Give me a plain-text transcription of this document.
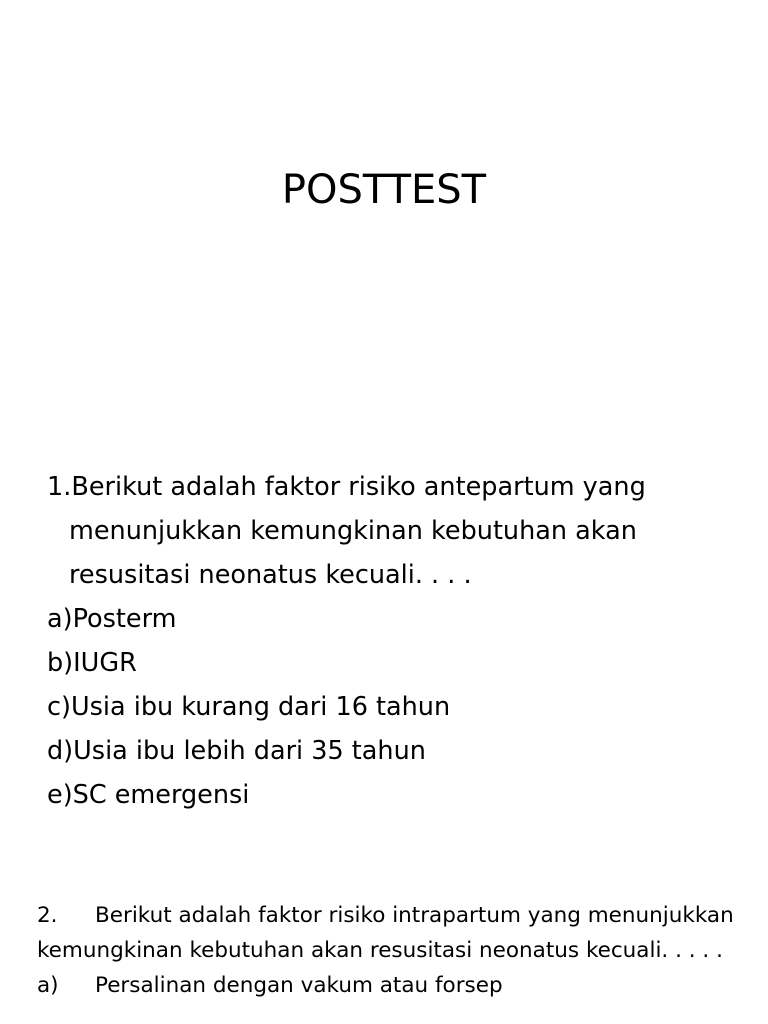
POSTTEST

1.Berikut adalah faktor risiko antepartum yang menunjukkan kemungkinan kebutuhan akan resusitasi neonatus kecuali. . . .

a)Posterm

b)IUGR

c)Usia ibu kurang dari 16 tahun

d)Usia ibu lebih dari 35 tahun

e)SC emergensi

2. Berikut adalah faktor risiko intrapartum yang menunjukkan kemungkinan kebutuhan akan resusitasi neonatus kecuali. . . . .

a) Persalinan dengan vakum atau forsep
